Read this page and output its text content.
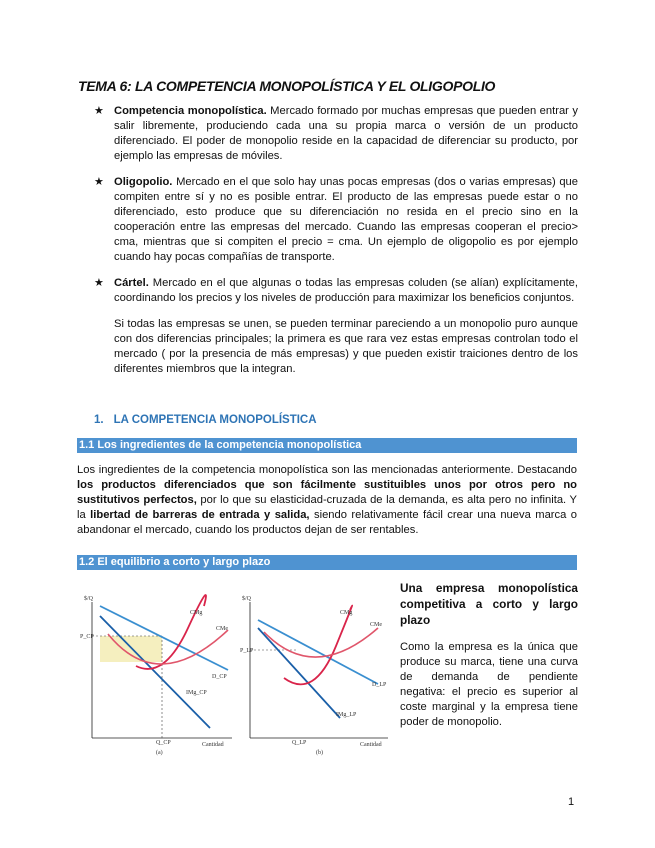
TEMA 6: LA COMPETENCIA MONOPOLÍSTICA Y EL OLIGOPOLIO
★ Competencia monopolística. Mercado formado por muchas empresas que pueden entrar y salir libremente, produciendo cada una su propia marca o versión de un producto diferenciado. El poder de monopolio reside en la capacidad de diferenciar su producto, por ejemplo las empresas de móviles.
★ Oligopolio. Mercado en el que solo hay unas pocas empresas (dos o varias empresas) que compiten entre sí y no es posible entrar. El producto de las empresas puede estar o no diferenciado, esto produce que su diferenciación no resida en el precio sino en la cooperación entre las empresas del mercado. Cuando las empresas cooperan el precio> cma, mientras que si compiten el precio = cma. Un ejemplo de oligopolio es por ejemplo cuando hay pocas compañías de transporte.
★ Cártel. Mercado en el que algunas o todas las empresas coluden (se alían) explícitamente, coordinando los precios y los niveles de producción para maximizar los beneficios conjuntos.
Si todas las empresas se unen, se pueden terminar pareciendo a un monopolio puro aunque con dos diferencias principales; la primera es que rara vez estas empresas controlan todo el mercado ( por la presencia de más empresas) y que pueden existir traiciones dentro de los diferentes miembros que la integran.
1. LA COMPETENCIA MONOPOLÍSTICA
1.1 Los ingredientes de la competencia monopolística
Los ingredientes de la competencia monopolística son las mencionadas anteriormente. Destacando los productos diferenciados que son fácilmente sustituibles unos por otros pero no sustitutivos perfectos, por lo que su elasticidad-cruzada de la demanda, es alta pero no infinita. Y la libertad de barreras de entrada y salida, siendo relativamente fácil crear una nueva marca o abandonar el mercado, cuando los productos dejan de ser rentables.
1.2 El equilibrio a corto y largo plazo
$/Q
Cantidad
(a)
P_CP
Q_CP
CMg
CMe
D_CP
IMg_CP
$/Q
Cantidad
(b)
P_LP
Q_LP
CMg
CMe
D_LP
IMg_LP
Una empresa monopolística competitiva a corto y largo plazo
Como la empresa es la única que produce su marca, tiene una curva de demanda de pendiente negativa: el precio es superior al coste marginal y la empresa tiene poder de monopolio.
1
